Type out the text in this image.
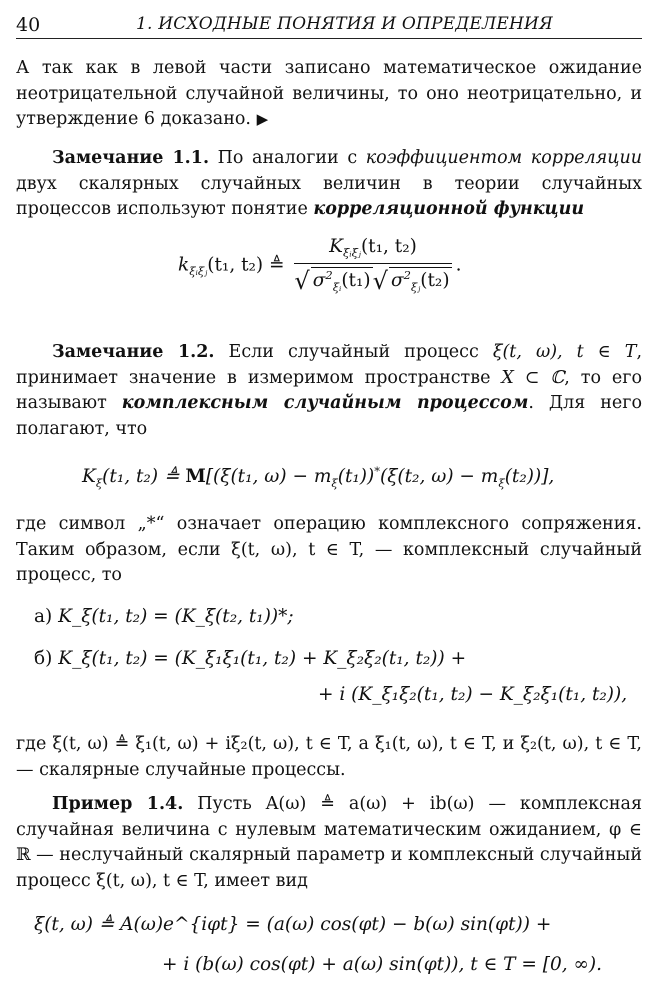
40	1. ИСХОДНЫЕ ПОНЯТИЯ И ОПРЕДЕЛЕНИЯ

А так как в левой части записано математическое ожидание неотрицательной случайной величины, то оно неотрицательно, и утверждение 6 доказано. ▶

Замечание 1.1. По аналогии с коэффициентом корреляции двух скалярных случайных величин в теории случайных процессов используют понятие корреляционной функции

$k_{\xi ᵢ\xi ⱼ}(t_1$, t₂) ≜ $\frac{K_{\xi ᵢ\xi ⱼ}(t_1, t_2)}{√ \sigma^2_{\xi ᵢ}(t_1)√ \sigma^2_{\xi ⱼ}(t_2)}$ .

Замечание 1.2. Если случайный процесс ξ(t, ω), t ∈ T, принимает значение в измеримом пространстве X ⊂ ℂ, то его называют комплексным случайным процессом. Для него полагают, что

$K_\xi(t_1$, t₂) ≜ M[(ξ(t₁, $\omega) - m_\xi(t_1))^*(\xi(t_2$, $\omega) - m_\xi(t_2)$)],

где символ „*“ означает операцию комплексного сопряжения. Таким образом, если ξ(t, ω), t ∈ T, — комплексный случайный процесс, то

а) K_ξ(t₁, t₂) = (K_ξ(t₂, t₁))*;
б) K_ξ(t₁, t₂) = (K_ξ₁ξ₁(t₁, t₂) + K_ξ₂ξ₂(t₁, t₂)) +
+ i (K_ξ₁ξ₂(t₁, t₂) − K_ξ₂ξ₁(t₁, t₂)),

где ξ(t, ω) ≜ ξ₁(t, ω) + iξ₂(t, ω), t ∈ T, а ξ₁(t, ω), t ∈ T, и ξ₂(t, ω), t ∈ T, — скалярные случайные процессы.

Пример 1.4. Пусть A(ω) ≜ a(ω) + ib(ω) — комплексная случайная величина с нулевым математическим ожиданием, φ ∈ ℝ — неслучайный скалярный параметр и комплексный случайный процесс ξ(t, ω), t ∈ T, имеет вид

ξ(t, ω) ≜ A(ω)e^{iφt} = (a(ω) cos(φt) − b(ω) sin(φt)) +
+ i (b(ω) cos(φt) + a(ω) sin(φt)), t ∈ T = [0, ∞).
